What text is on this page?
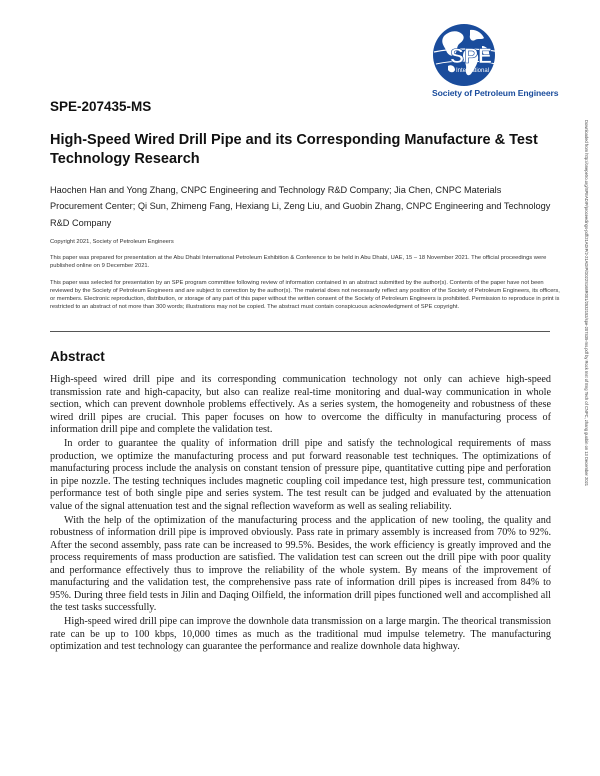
SPE
International
Society of Petroleum Engineers
Downloaded from http://onepetro.org/SPEADIP/proceedings-pdf/21ADIP/2-21ADIP/D022S168R001/2532152/spe-207435-ms.pdf by Rock Inst of Eng Tech of CNPC, zhang guobin on 13 December 2021
SPE-207435-MS
High-Speed Wired Drill Pipe and its Corresponding Manufacture & Test Technology Research

Haochen Han and Yong Zhang, CNPC Engineering and Technology R&D Company; Jia Chen, CNPC Materials Procurement Center; Qi Sun, Zhimeng Fang, Hexiang Li, Zeng Liu, and Guobin Zhang, CNPC Engineering and Technology R&D Company

Copyright 2021, Society of Petroleum Engineers

This paper was prepared for presentation at the Abu Dhabi International Petroleum Exhibition & Conference to be held in Abu Dhabi, UAE, 15 – 18 November 2021. The official proceedings were published online on 9 December 2021.

This paper was selected for presentation by an SPE program committee following review of information contained in an abstract submitted by the author(s). Contents of the paper have not been reviewed by the Society of Petroleum Engineers and are subject to correction by the author(s). The material does not necessarily reflect any position of the Society of Petroleum Engineers, its officers, or members. Electronic reproduction, distribution, or storage of any part of this paper without the written consent of the Society of Petroleum Engineers is prohibited. Permission to reproduce in print is restricted to an abstract of not more than 300 words; illustrations may not be copied. The abstract must contain conspicuous acknowledgment of SPE copyright.

Abstract

High-speed wired drill pipe and its corresponding communication technology not only can achieve high-speed transmission rate and high-capacity, but also can realize real-time monitoring and dual-way communication in whole section, which can prevent downhole problems effectively. As a series system, the homogeneity and robustness of these wired drill pipes are crucial. This paper focuses on how to overcome the difficulty in manufacturing process of information drill pipe and complete the validation test.

In order to guarantee the quality of information drill pipe and satisfy the technological requirements of mass production, we optimize the manufacturing process and put forward reasonable test techniques. The optimizations of manufacturing process include the analysis on constant tension of pressure pipe, quantitative cutting pipe and perforation in pipe nozzle. The testing techniques includes magnetic coupling coil impedance test, high pressure test, communication performance test of both single pipe and series system. The test result can be judged and evaluated by the attenuation value of the signal attenuation test and the signal reflection waveform as well as sealing reliability.

With the help of the optimization of the manufacturing process and the application of new tooling, the quality and robustness of information drill pipe is improved obviously. Pass rate in primary assembly is increased from 70% to 92%. After the second assembly, pass rate can be increased to 99.5%. Besides, the work efficiency is greatly improved and the process requirements of mass production are satisfied. The validation test can screen out the drill pipe with poor quality and performance effectively thus to improve the reliability of the whole system. By means of the improvement of manufacturing and the validation test, the comprehensive pass rate of information drill pipes is increased from 84% to 95%. During three field tests in Jilin and Daqing Oilfield, the information drill pipes functioned well and accomplished all the test tasks successfully.

High-speed wired drill pipe can improve the downhole data transmission on a large margin. The theorical transmission rate can be up to 100 kbps, 10,000 times as much as the traditional mud impulse telemetry. The manufacturing optimization and test technology can guarantee the performance and realize downhole data highway.
